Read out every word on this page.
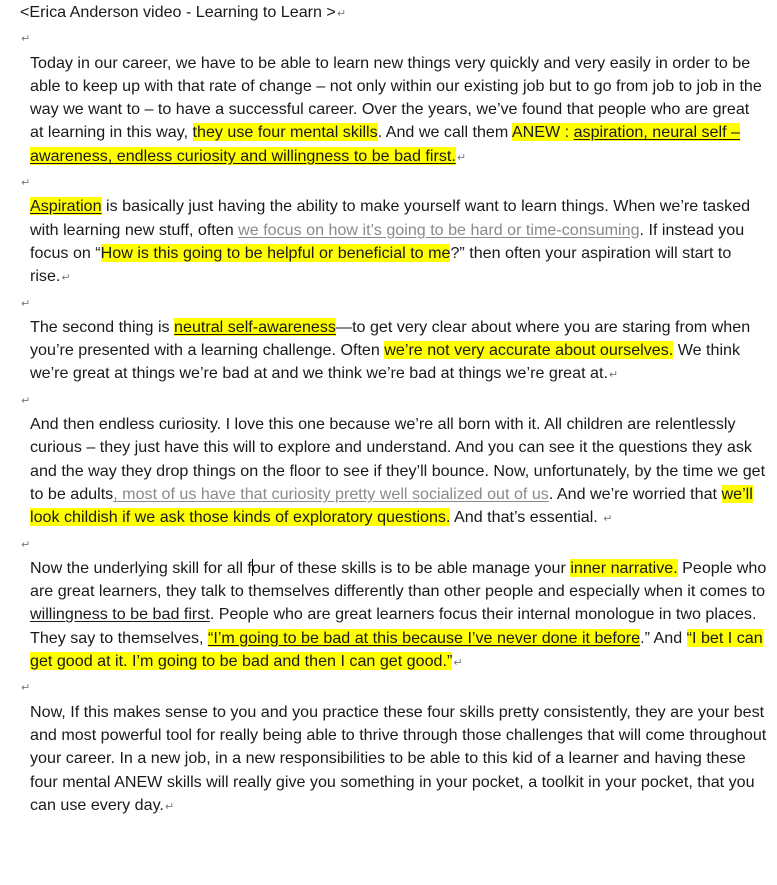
<Erica Anderson video - Learning to Learn >↵

↵

Today in our career, we have to be able to learn new things very quickly and very easily in order to be able to keep up with that rate of change – not only within our existing job but to go from job to job in the way we want to – to have a successful career. Over the years, we’ve found that people who are great at learning in this way, they use four mental skills. And we call them ANEW : aspiration, neural self – awareness, endless curiosity and willingness to be bad first.↵

↵

Aspiration is basically just having the ability to make yourself want to learn things. When we’re tasked with learning new stuff, often we focus on how it’s going to be hard or time-consuming. If instead you focus on “How is this going to be helpful or beneficial to me?” then often your aspiration will start to rise.↵

↵

The second thing is neutral self-awareness—to get very clear about where you are staring from when you’re presented with a learning challenge. Often we’re not very accurate about ourselves. We think we’re great at things we’re bad at and we think we’re bad at things we’re great at.↵

↵

And then endless curiosity. I love this one because we’re all born with it. All children are relentlessly curious – they just have this will to explore and understand. And you can see it the questions they ask and the way they drop things on the floor to see if they’ll bounce. Now, unfortunately, by the time we get to be adults, most of us have that curiosity pretty well socialized out of us. And we’re worried that we’ll look childish if we ask those kinds of exploratory questions. And that’s essential. ↵

↵

Now the underlying skill for all four of these skills is to be able manage your inner narrative. People who are great learners, they talk to themselves differently than other people and especially when it comes to willingness to be bad first. People who are great learners focus their internal monologue in two places. They say to themselves, “I’m going to be bad at this because I’ve never done it before.” And “I bet I can get good at it. I’m going to be bad and then I can get good.”↵

↵

Now, If this makes sense to you and you practice these four skills pretty consistently, they are your best and most powerful tool for really being able to thrive through those challenges that will come throughout your career. In a new job, in a new responsibilities to be able to this kid of a learner and having these four mental ANEW skills will really give you something in your pocket, a toolkit in your pocket, that you can use every day.↵
